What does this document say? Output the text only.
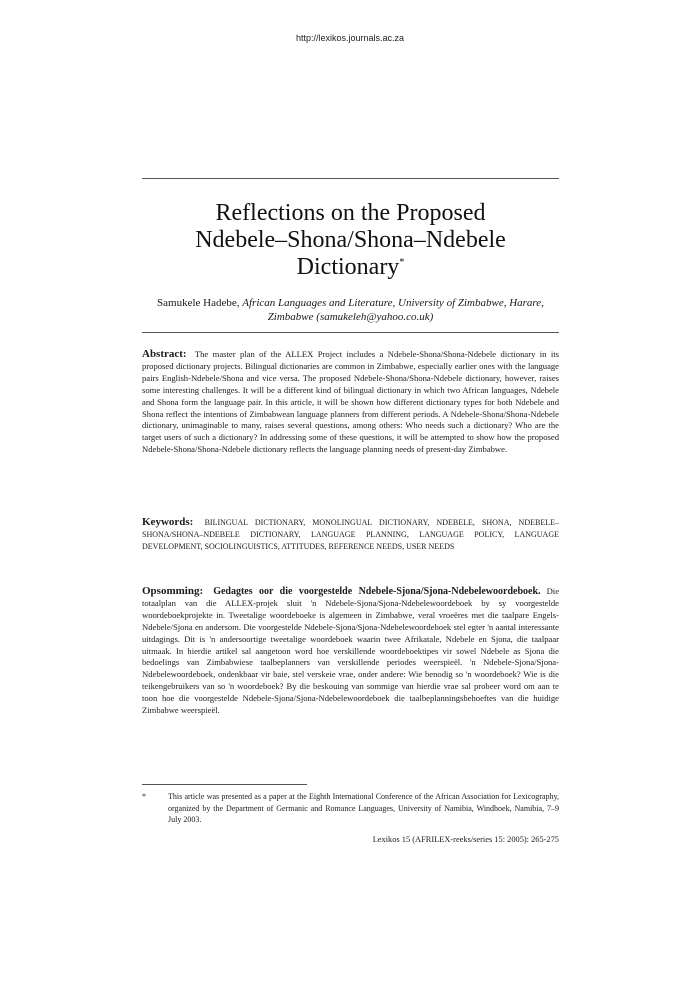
http://lexikos.journals.ac.za
Reflections on the Proposed
Ndebele–Shona/Shona–Ndebele
Dictionary*
Samukele Hadebe, African Languages and Literature, University of Zimbabwe, Harare, Zimbabwe (samukeleh@yahoo.co.uk)
Abstract: The master plan of the ALLEX Project includes a Ndebele-Shona/Shona-Ndebele dictionary in its proposed dictionary projects. Bilingual dictionaries are common in Zimbabwe, especially earlier ones with the language pairs English-Ndebele/Shona and vice versa. The proposed Ndebele-Shona/Shona-Ndebele dictionary, however, raises some interesting challenges. It will be a different kind of bilingual dictionary in which two African languages, Ndebele and Shona form the language pair. In this article, it will be shown how different dictionary types for both Ndebele and Shona reflect the intentions of Zimbabwean language planners from different periods. A Ndebele-Shona/Shona-Ndebele dictionary, unimaginable to many, raises several questions, among others: Who needs such a dictionary? Who are the target users of such a dictionary? In addressing some of these questions, it will be attempted to show how the proposed Ndebele-Shona/Shona-Ndebele dictionary reflects the language planning needs of present-day Zimbabwe.
Keywords: BILINGUAL DICTIONARY, MONOLINGUAL DICTIONARY, NDEBELE, SHONA, NDEBELE–SHONA/SHONA–NDEBELE DICTIONARY, LANGUAGE PLANNING, LANGUAGE POLICY, LANGUAGE DEVELOPMENT, SOCIOLINGUISTICS, ATTITUDES, REFERENCE NEEDS, USER NEEDS
Opsomming: Gedagtes oor die voorgestelde Ndebele-Sjona/Sjona-Ndebelewoordeboek. Die totaalplan van die ALLEX-projek sluit 'n Ndebele-Sjona/Sjona-Ndebelewoordeboek by sy voorgestelde woordeboekprojekte in. Tweetalige woordeboeke is algemeen in Zimbabwe, veral vroeëres met die taalpare Engels-Ndebele/Sjona en andersom. Die voorgestelde Ndebele-Sjona/Sjona-Ndebelewoordeboek stel egter 'n aantal interessante uitdagings. Dit is 'n andersoortige tweetalige woordeboek waarin twee Afrikatale, Ndebele en Sjona, die taalpaar uitmaak. In hierdie artikel sal aangetoon word hoe verskillende woordeboektipes vir sowel Ndebele as Sjona die bedoelings van Zimbabwiese taalbeplanners van verskillende periodes weerspieël. 'n Ndebele-Sjona/Sjona-Ndebelewoordeboek, ondenkbaar vir baie, stel verskeie vrae, onder andere: Wie benodig so 'n woordeboek? Wie is die teikengebruikers van so 'n woordeboek? By die beskouing van sommige van hierdie vrae sal probeer word om aan te toon hoe die voorgestelde Ndebele-Sjona/Sjona-Ndebelewoordeboek die taalbeplanningsbehoeftes van die huidige Zimbabwe weerspieël.
*	This article was presented as a paper at the Eighth International Conference of the African Association for Lexicography, organized by the Department of Germanic and Romance Languages, University of Namibia, Windhoek, Namibia, 7–9 July 2003.
Lexikos 15 (AFRILEX-reeks/series 15: 2005): 265-275
